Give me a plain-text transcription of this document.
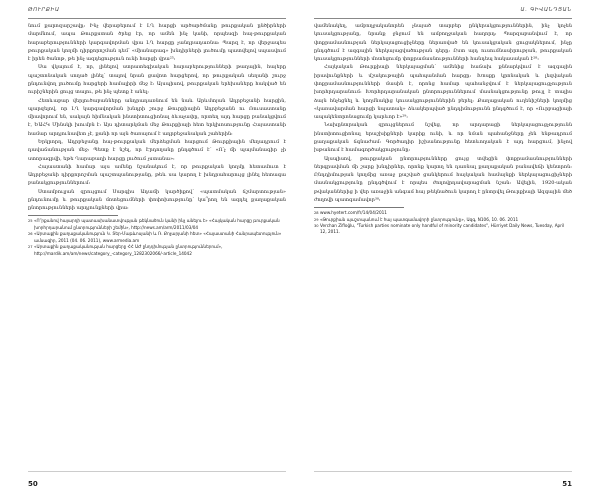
ԹՈՒՐՔԻԱ

նում քարոզարշավը։ Ինչ վերաբերում է ԼՂ հարցի արծարծմանը թուրքական ընծիրների մարմնում, ապա Թուրքստան ծրեց էր, որ ամեն ինչ կանի, որպեսզի հայ-թուրքական հարաբերությունների կարգավորման վրա ԼՂ հարցը չանդրադառնա։ Պարզ է, որ վերջապես թուրքական կողմի դիրքորոշման դեմ՝ «միանարագ» խնդիրների լուծումը պատվելով սպասվում է իրեն ծանոթ, թե ինչ ազդեցություն ունի հարցի վրա²⁵։

Սա վկայում է, որ, լինելով ստրատեգիական հարաբերությունների թաղային, հայերը պաշտոնական սողած լինել՝ տալով նրան ցավոտ հարցերով, որ թուրքական սեղանի շուրջ ընդունվող լուծումը հարցերի համալիրի մեջ է։ Այսպիսով, թուրքական երեխաները հակված են ուրիշներին ցույց տալու, թե ինչ պետք է անել։

Հետևաբար վերլուծաբանները անդրադառնում են նաև Արևմտյան Ադրբեջանի հարցին, պարզելով, որ ԼՂ կարգավորման խնդրի շուրջ Թուրքիային Ադրբեջանն ու Ռուսաստանը միավորում են, սակայն հիմնական ինստիտուցիոնալ ձևաչափը, որտեղ այդ հարցը բանակցվում է, ԵԱՀԿ Մինսկի խումբն է։ Այս դիտարկման մեջ Թուրքիայի հետ երկխոսությունը Հայաստանի համար արդյունավետ չէ, քանի որ այն ծառայում է ադրբեջանական շահերին։

Երկրորդ, Ադրբեջանը հայ-թուրքական մերձեցման հարցում Թուրքիային մեղադրում է դավաճանության մեջ։ Պետք է նշել, որ Էրդողանը ընդգծում է՝ «Ո՛չ մի պայմանագիր չի ստորագրվի, եթե Ղարաբաղի հարցը լուծում չստանա»։

Հայաստանի համար այս ամենը նշանակում է, որ թուրքական կողմը հետամուտ է Ադրբեջանի դիրքորոշման պաշտպանությանը, թեև սա կարող է խնդրահարույց լինել հետագա բանակցություններում։

Ստամբուլյան զրույցում Սարգիս Ադամի կարծիքով՝ «պատմական ճշմարտության» ընդունումը և թուրքական մոտեցումների փոփոխությունը՝ կա՞րող են ազդել քաղաքական ընտրությունների արդյունքների վրա։

25«Ո՞րքանով հայարդի պատասխանատվության թեկնածուն կանի ինչ անելու է» «Հայկական հարցը թուրքական խորհրդարանում ընտրությունների շեմին», http://news.am/arm/2011/03/04
26«Արտաքին քաղաքականություն Կ. Տեր-Մաթևոսյանի և Ռ. Քոչարյանի հետ» «Հայաստանի Հանրապետություն» ամսագիր, 2011 (04. 06. 2011), www.armedia.am
27«Արտաքին քաղաքականության հարցերը ՀՀ ԱԺ ընդդիմության ընտրություններում», http://mardik.am/am/news/category_-category_1282302066/-article_14042
50
Ա. ԳԻՎԱՆԴՅԱՆ

վամենակեղ, ամբողջականորեն չնայած տարբեր ընկերակցություններին, ինչ կոչեն կուսակցությանը, նրանք ջնջում են ամբողջական հաղորդ։ Պարզաբանվում է, որ փոքրամասնության ներկայացուցիչները ներառված են կուսակցական ցուցակներում, ինչը ընդգծում է ազգային ներկայացվածության դերը։ Ըստ այդ ուսումնասիրության, թուրքական կուսակցությունների մոտեցումը փոքրամասնությունների հանդեպ հակասական է²⁸։

Հայկական Թուրքիայի ներկայացման՝ ամենից հաճախ քննարկվում է ազգային իրավունքների և մշակութային պահպանման հարցը։ Խոսքը կրոնական և լեզվական փոքրամասնությունների մասին է, որոնց համար պահանջվում է ներկայացուցչություն խորհրդարանում։ Խորհրդարանական ընտրություններում մասնակցությունը թույլ է տալիս ձայն հնչեցնել և կողմնակից կուսակցություններին բերել։ Քաղաքական ուղենիշների կողմից «կառավարման հարցի նպատակ» ձևակերպված ընդդիմությունն ընդգծում է, որ «Ուրբացիայի ապակենտրոնացումը կարևոր է»²⁹։

Նախընտրական զրույցներում նշվեց, որ արդարացի ներկայացուցչությունն ինստիտուցիոնալ երաշխիքների կարիք ունի, և որ նման պահանջները չեն ենթադրում քաղաքական ճգնաժամ։ Գործադիր իշխանությունը հետևողական է այդ հարցում, ինչով խթանում է համագործակցությունը։

Այսպիսով, թուրքական ընտրությունները ցույց տվեցին փոքրամասնությունների ներգրավման մի շարք խնդիրներ, որոնք կարող են դառնալ քաղաքական բանավեճի կենտրոն։ Ընդդիմության կողմից առաջ քաշված ցանկերում հայկական համայնքի ներկայացուցիչների մասնակցությունը ընդգծվում է որպես ժողովրդավարացման նշան։ Ավելին, 1920-ական թվականներից ի վեր առաջին անգամ հայ թեկնածուն կարող է ընտրվել Թուրքիայի Ազգային մեծ ժողովի պատգամավոր³⁰։

28www.hyetert.com/fr/14/04/2011
29«Թուրքիան պաշտպանում է հայ պատգամավորի ընտրությունը», Ազգ, N106, 10. 06. 2011
30Verchan Zifloğlu, "Turkish parties nominate only handful of minority candidates", Hürriyet Daily News, Tuesday, April 12, 2011.
51
